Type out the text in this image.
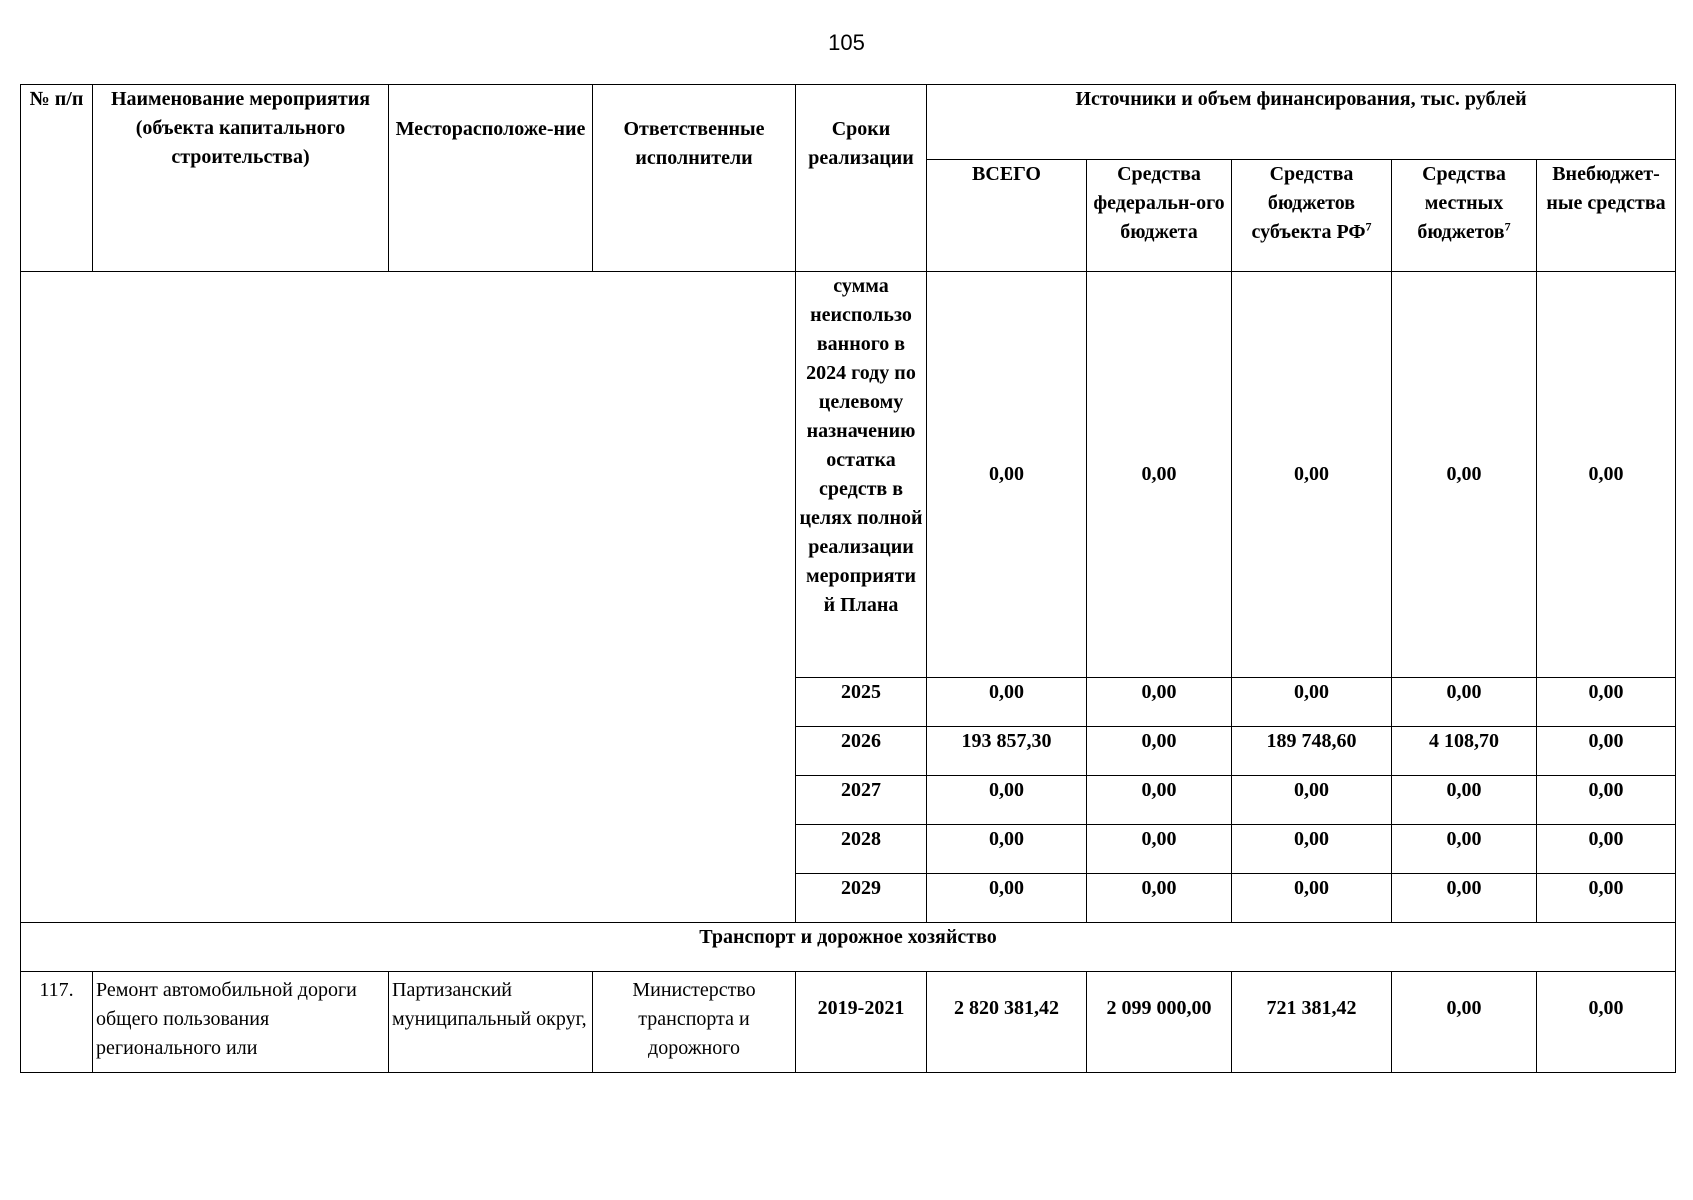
105
№ п/п	Наименование мероприятия (объекта капитального строительства)	Месторасположе-ние	Ответственные исполнители	Сроки реализации	Источники и объем финансирования, тыс. рублей				
					ВСЕГО	Средства федеральн-ого бюджета	Средства бюджетов субъекта $РФ^7$	Средства местных бюджетов$^7$	Внебюджет-ные средства
				сумма неиспользо ванного в 2024 году по целевому назначению остатка средств в целях полной реализации мероприяти й Плана	0,00	0,00	0,00	0,00	0,00
				2025	0,00	0,00	0,00	0,00	0,00
				2026	193 857,30	0,00	189 748,60	4 108,70	0,00
				2027	0,00	0,00	0,00	0,00	0,00
				2028	0,00	0,00	0,00	0,00	0,00
				2029	0,00	0,00	0,00	0,00	0,00
Транспорт и дорожное хозяйство									
117.	Ремонт автомобильной дороги общего пользования регионального или	Партизанский муниципальный округ,	Министерство транспорта и дорожного	2019-2021	2 820 381,42	2 099 000,00	721 381,42	0,00	0,00
